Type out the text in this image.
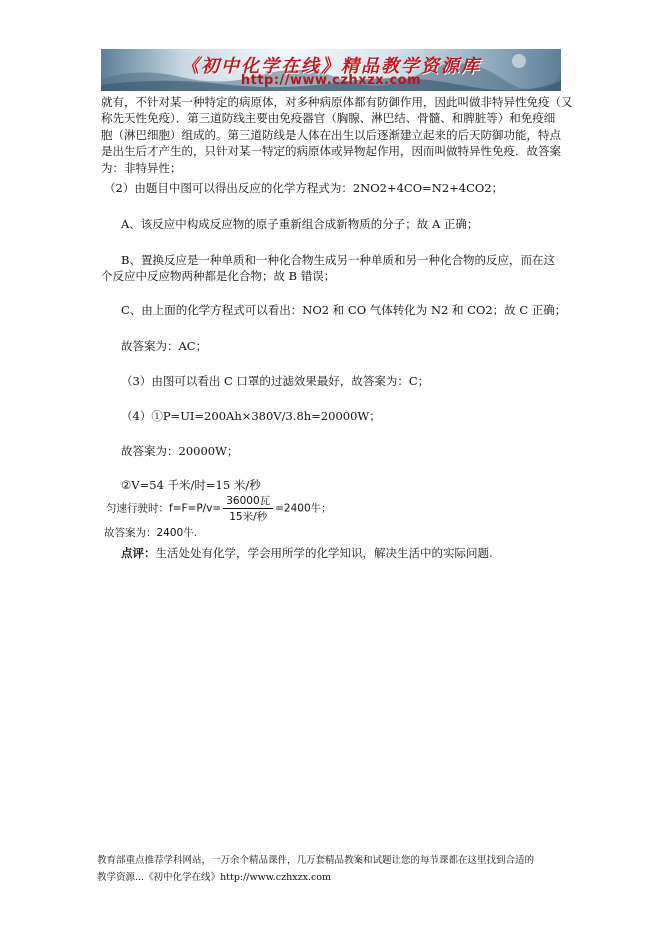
《初中化学在线》精品教学资源库
http://www.czhxzx.com
就有，不针对某一种特定的病原体，对多种病原体都有防御作用，因此叫做非特异性免疫（又
称先天性免疫）．第三道防线主要由免疫器官（胸腺、淋巴结、骨髓、和脾脏等）和免疫细
胞（淋巴细胞）组成的。第三道防线是人体在出生以后逐渐建立起来的后天防御功能，特点
是出生后才产生的，只针对某一特定的病原体或异物起作用，因而叫做特异性免疫．故答案
为：非特异性；
（2）由题目中图可以得出反应的化学方程式为：2NO2+4CO=N2+4CO2；
A、该反应中构成反应物的原子重新组合成新物质的分子；故 A 正确；
B、置换反应是一种单质和一种化合物生成另一种单质和另一种化合物的反应，而在这
个反应中反应物两种都是化合物；故 B 错误；
C、由上面的化学方程式可以看出：NO2 和 CO 气体转化为 N2 和 CO2；故 C 正确；
故答案为：AC；
（3）由图可以看出 C 口罩的过滤效果最好，故答案为：C；
（4）①P=UI=200Ah×380V/3.8h=20000W；
故答案为：20000W；
②V=54 千米/时=15 米/秒
匀速行驶时：$f=F=P/v= \frac{\text{36000瓦}}{\text{15米/秒}} =2400$牛；
故答案为：2400牛.
点评：生活处处有化学，学会用所学的化学知识，解决生活中的实际问题.
教育部重点推荐学科网站，一万余个精品课件，几万套精品教案和试题让您的每节课都在这里找到合适的
教学资源...《初中化学在线》http://www.czhxzx.com
